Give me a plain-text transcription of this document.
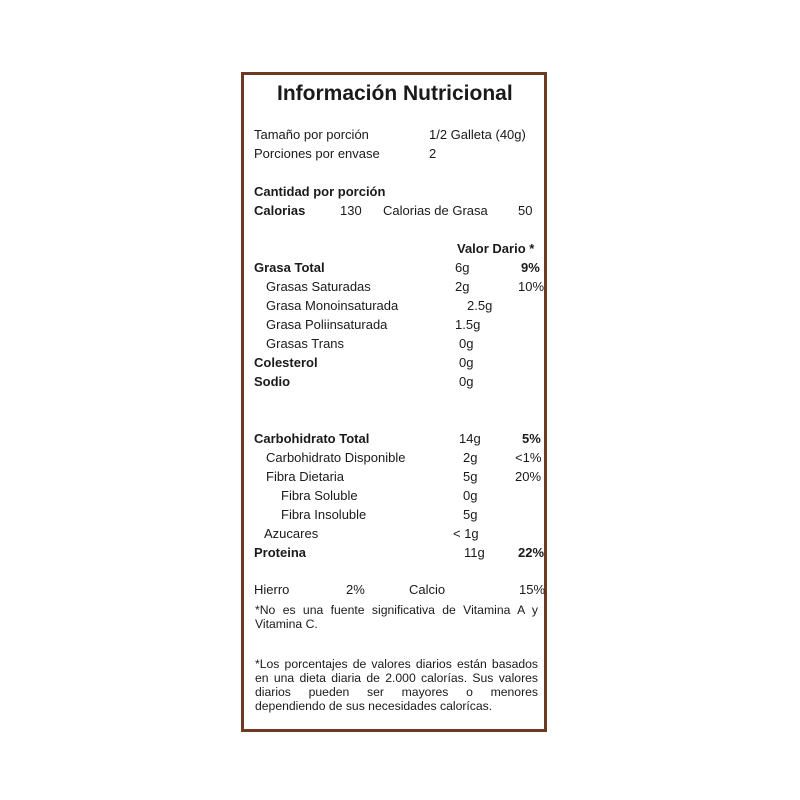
Información Nutricional
Tamaño por porción	1/2 Galleta (40g)
Porciones por envase	2
Cantidad por porción
Calorias	130 Calorias de Grasa 50
Valor Dario *
Grasa Total	6g	9%
Grasas Saturadas	2g	10%
Grasa Monoinsaturada	2.5g
Grasa Poliinsaturada	1.5g
Grasas Trans	0g
Colesterol	0g
Sodio	0g
Carbohidrato Total	14g	5%
Carbohidrato Disponible	2g	<1%
Fibra Dietaria	5g	20%
Fibra Soluble	0g
Fibra Insoluble	5g
Azucares	< 1g
Proteina	11g	22%
Hierro	2%	Calcio	15%
*No es una fuente significativa de Vitamina A y Vitamina C.
*Los porcentajes de valores diarios están basados en una dieta diaria de 2.000 calorías. Sus valores diarios pueden ser mayores o menores dependiendo de sus necesidades calorícas.
